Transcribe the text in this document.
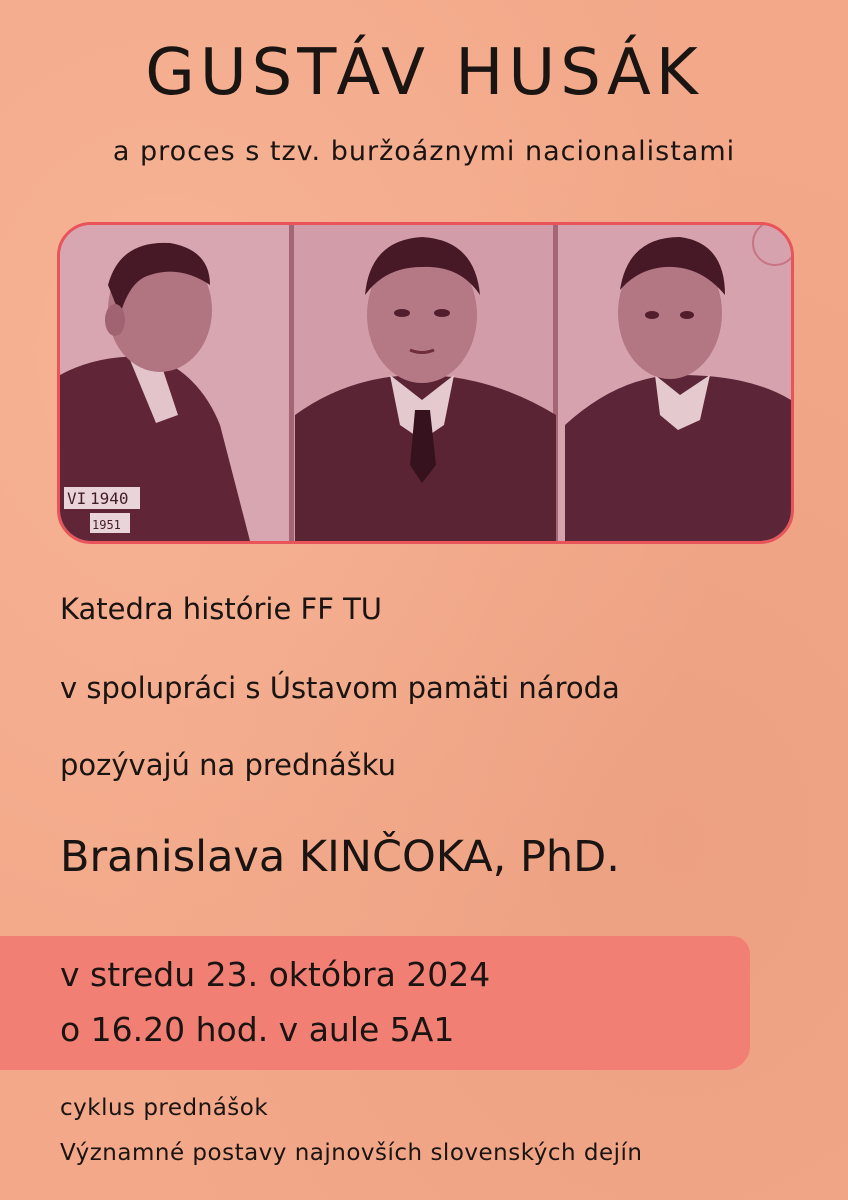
GUSTÁV HUSÁK

a proces s tzv. buržoáznymi nacionalistami

VI 1940
1951

Katedra histórie FF TU

v spolupráci s Ústavom pamäti národa

pozývajú na prednášku

Branislava KINČOKA, PhD.

v stredu 23. októbra 2024

o 16.20 hod. v aule 5A1

cyklus prednášok

Významné postavy najnovších slovenských dejín
